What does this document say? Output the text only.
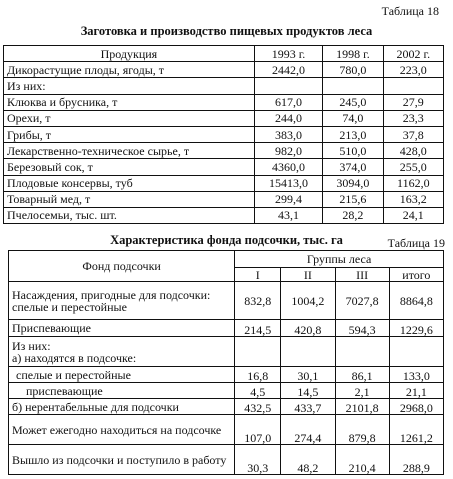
Таблица 18
Заготовка и производство пищевых продуктов леса
Продукция	1993 г.	1998 г.	2002 г.
Дикорастущие плоды, ягоды, т	2442,0	780,0	223,0
Из них:			
Клюква и брусника, т	617,0	245,0	27,9
Орехи, т	244,0	74,0	23,3
Грибы, т	383,0	213,0	37,8
Лекарственно-техническое сырье, т	982,0	510,0	428,0
Березовый сок, т	4360,0	374,0	255,0
Плодовые консервы, туб	15413,0	3094,0	1162,0
Товарный мед, т	299,4	215,6	163,2
Пчелосемьи, тыс. шт.	43,1	28,2	24,1
Таблица 19
Характеристика фонда подсочки, тыс. га
Фонд подсочки	Группы леса			
	I	II	III	итого

Насаждения, пригодные для подсочки:
спелые и перестойные	832,8	1004,2	7027,8	8864,8

Приспевающие	214,5	420,8	594,3	1229,6

Из них:
а) находятся в подсочке:				

спелые и перестойные	16,8	30,1	86,1	133,0

приспевающие	4,5	14,5	2,1	21,1

б) нерентабельные для подсочки	432,5	433,7	2101,8	2968,0

Может ежегодно находиться на подсочке	107,0	274,4	879,8	1261,2

Вышло из подсочки и поступило в работу	30,3	48,2	210,4	288,9
